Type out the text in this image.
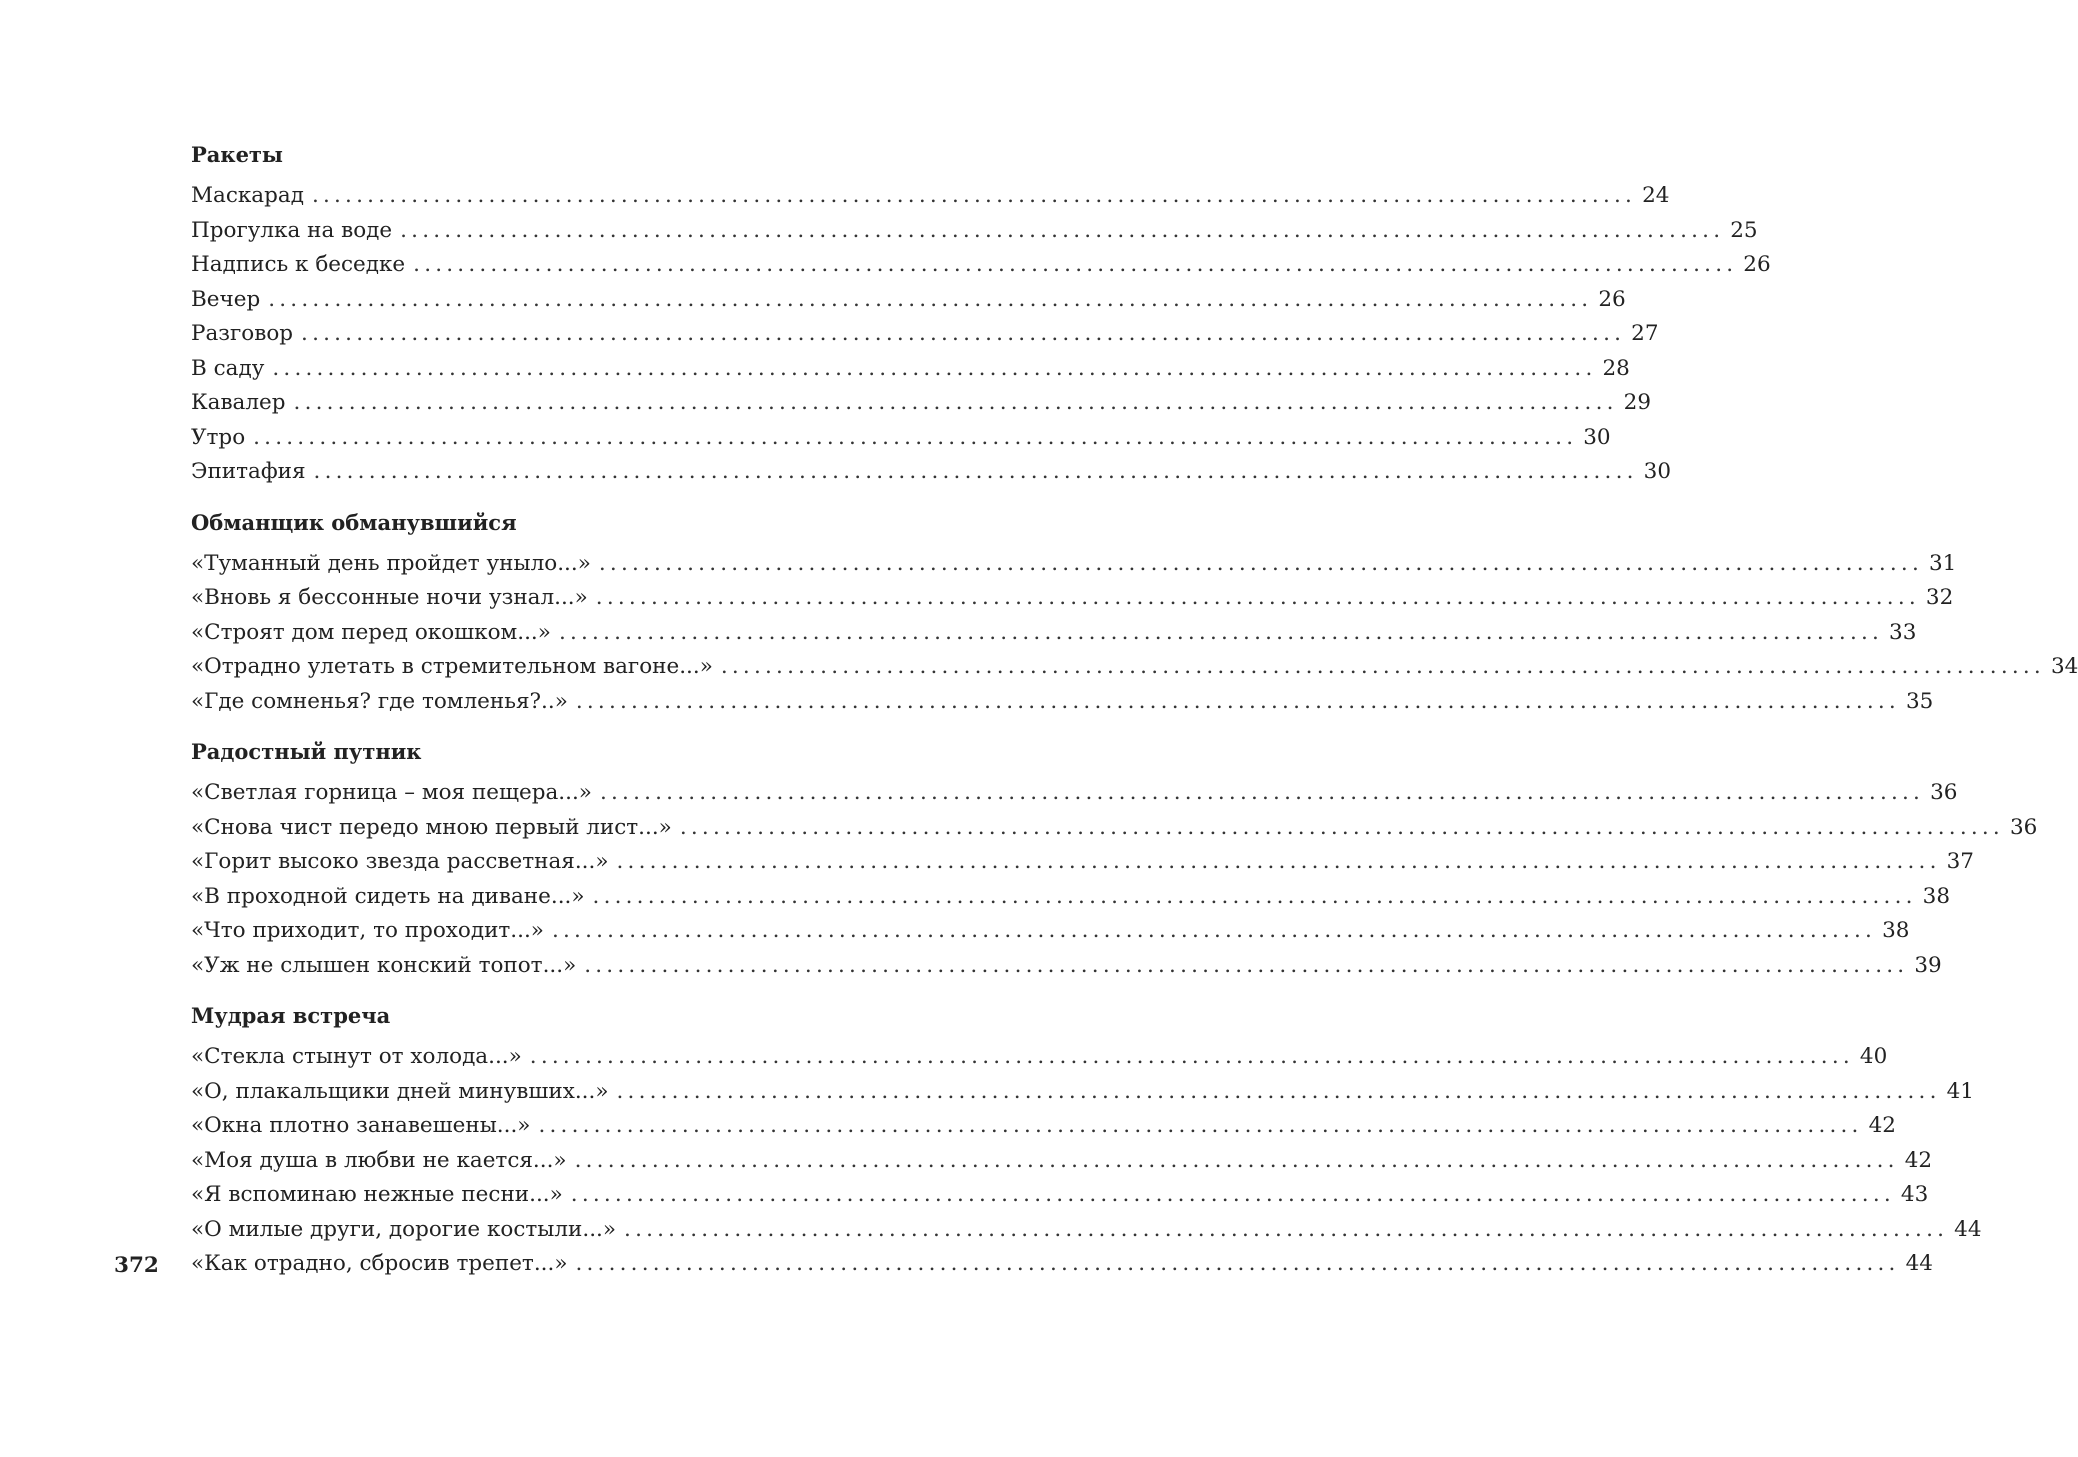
Ракеты
Маскарад ........................................................................................................................ 24
Прогулка на воде ........................................................................................................................ 25
Надпись к беседке ........................................................................................................................ 26
Вечер ........................................................................................................................ 26
Разговор ........................................................................................................................ 27
В саду ........................................................................................................................ 28
Кавалер ........................................................................................................................ 29
Утро ........................................................................................................................ 30
Эпитафия ........................................................................................................................ 30
Обманщик обманувшийся
«Туманный день пройдет уныло...» ........................................................................................................................ 31
«Вновь я бессонные ночи узнал...» ........................................................................................................................ 32
«Строят дом перед окошком...» ........................................................................................................................ 33
«Отрадно улетать в стремительном вагоне...» ........................................................................................................................ 34
«Где сомненья? где томленья?..» ........................................................................................................................ 35
Радостный путник
«Светлая горница – моя пещера...» ........................................................................................................................ 36
«Снова чист передо мною первый лист...» ........................................................................................................................ 36
«Горит высоко звезда рассветная...» ........................................................................................................................ 37
«В проходной сидеть на диване...» ........................................................................................................................ 38
«Что приходит, то проходит...» ........................................................................................................................ 38
«Уж не слышен конский топот...» ........................................................................................................................ 39
Мудрая встреча
«Стекла стынут от холода...» ........................................................................................................................ 40
«О, плакальщики дней минувших...» ........................................................................................................................ 41
«Окна плотно занавешены...» ........................................................................................................................ 42
«Моя душа в любви не кается...» ........................................................................................................................ 42
«Я вспоминаю нежные песни...» ........................................................................................................................ 43
«О милые други, дорогие костыли...» ........................................................................................................................ 44
«Как отрадно, сбросив трепет...» ........................................................................................................................ 44
372
